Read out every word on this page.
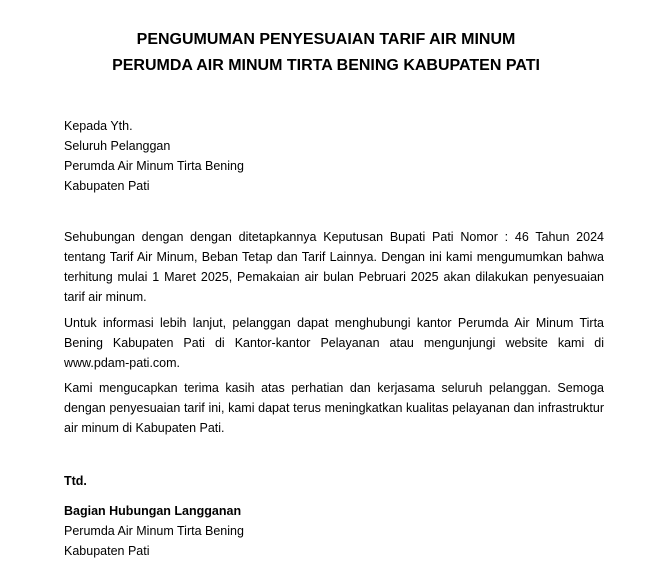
PENGUMUMAN PENYESUAIAN TARIF AIR MINUM
PERUMDA AIR MINUM TIRTA BENING KABUPATEN PATI
Kepada Yth.
Seluruh Pelanggan
Perumda Air Minum Tirta Bening
Kabupaten Pati

Sehubungan dengan dengan ditetapkannya Keputusan Bupati Pati Nomor : 46 Tahun 2024 tentang Tarif Air Minum, Beban Tetap dan Tarif Lainnya. Dengan ini kami mengumumkan bahwa terhitung mulai 1 Maret 2025, Pemakaian air bulan Pebruari 2025 akan dilakukan penyesuaian tarif air minum.

Untuk informasi lebih lanjut, pelanggan dapat menghubungi kantor Perumda Air Minum Tirta Bening Kabupaten Pati di Kantor-kantor Pelayanan atau mengunjungi website kami di www.pdam-pati.com.

Kami mengucapkan terima kasih atas perhatian dan kerjasama seluruh pelanggan. Semoga dengan penyesuaian tarif ini, kami dapat terus meningkatkan kualitas pelayanan dan infrastruktur air minum di Kabupaten Pati.

Ttd.
Bagian Hubungan Langganan
Perumda Air Minum Tirta Bening
Kabupaten Pati
